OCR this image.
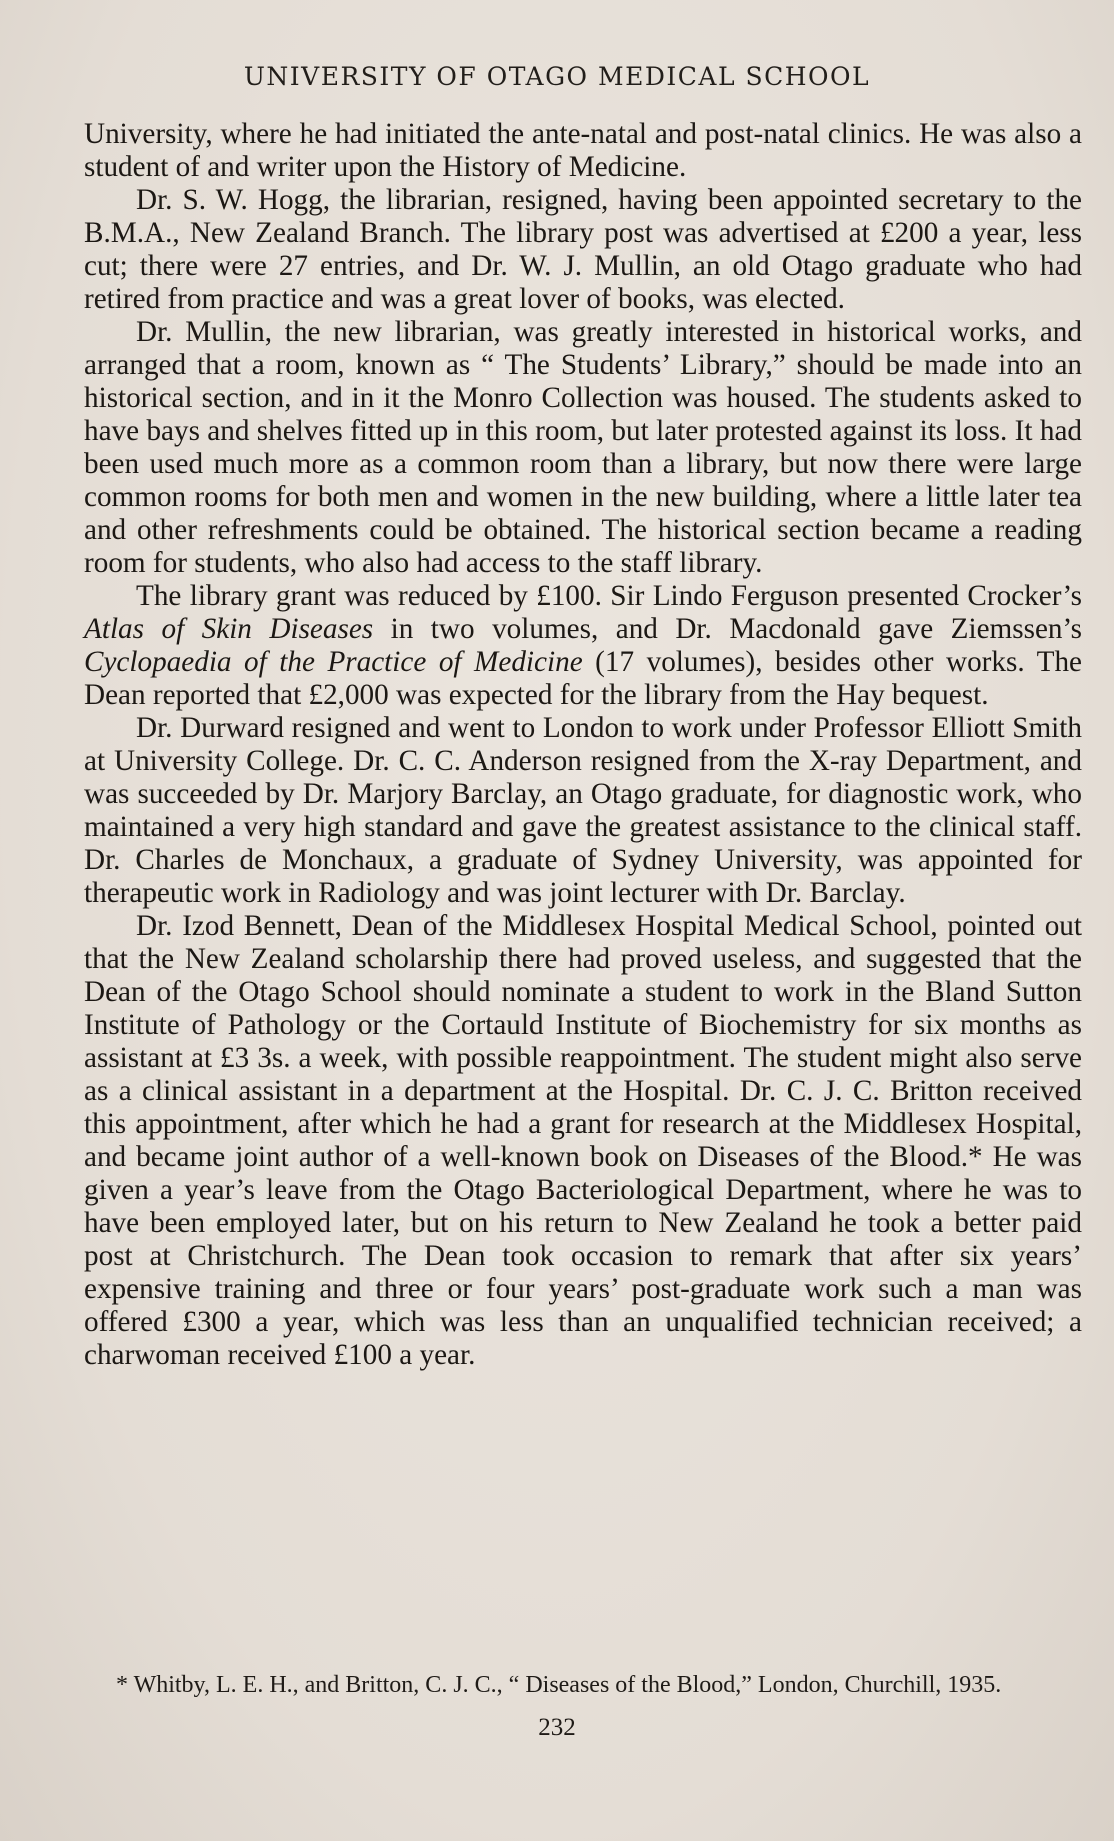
UNIVERSITY OF OTAGO MEDICAL SCHOOL

University, where he had initiated the ante-natal and post-natal clinics. He was also a student of and writer upon the History of Medicine.

Dr. S. W. Hogg, the librarian, resigned, having been appointed secretary to the B.M.A., New Zealand Branch. The library post was advertised at £200 a year, less cut; there were 27 entries, and Dr. W. J. Mullin, an old Otago graduate who had retired from practice and was a great lover of books, was elected.

Dr. Mullin, the new librarian, was greatly interested in historical works, and arranged that a room, known as “ The Students’ Library,” should be made into an historical section, and in it the Monro Collection was housed. The students asked to have bays and shelves fitted up in this room, but later protested against its loss. It had been used much more as a common room than a library, but now there were large common rooms for both men and women in the new building, where a little later tea and other refreshments could be obtained. The historical section became a reading room for students, who also had access to the staff library.

The library grant was reduced by £100. Sir Lindo Ferguson presented Crocker’s Atlas of Skin Diseases in two volumes, and Dr. Macdonald gave Ziemssen’s Cyclopaedia of the Practice of Medicine (17 volumes), besides other works. The Dean reported that £2,000 was expected for the library from the Hay bequest.

Dr. Durward resigned and went to London to work under Professor Elliott Smith at University College. Dr. C. C. Anderson resigned from the X-ray Department, and was succeeded by Dr. Marjory Barclay, an Otago graduate, for diagnostic work, who maintained a very high standard and gave the greatest assistance to the clinical staff. Dr. Charles de Monchaux, a graduate of Sydney University, was appointed for therapeutic work in Radiology and was joint lecturer with Dr. Barclay.

Dr. Izod Bennett, Dean of the Middlesex Hospital Medical School, pointed out that the New Zealand scholarship there had proved useless, and suggested that the Dean of the Otago School should nominate a student to work in the Bland Sutton Institute of Pathology or the Cortauld Institute of Biochemistry for six months as assistant at £3 3s. a week, with possible reappointment. The student might also serve as a clinical assistant in a department at the Hospital. Dr. C. J. C. Britton received this appointment, after which he had a grant for research at the Middlesex Hospital, and became joint author of a well-known book on Diseases of the Blood.* He was given a year’s leave from the Otago Bacteriological Department, where he was to have been employed later, but on his return to New Zealand he took a better paid post at Christchurch. The Dean took occasion to remark that after six years’ expensive training and three or four years’ post-graduate work such a man was offered £300 a year, which was less than an unqualified technician received; a charwoman received £100 a year.

* Whitby, L. E. H., and Britton, C. J. C., “ Diseases of the Blood,” London, Churchill, 1935.

232
